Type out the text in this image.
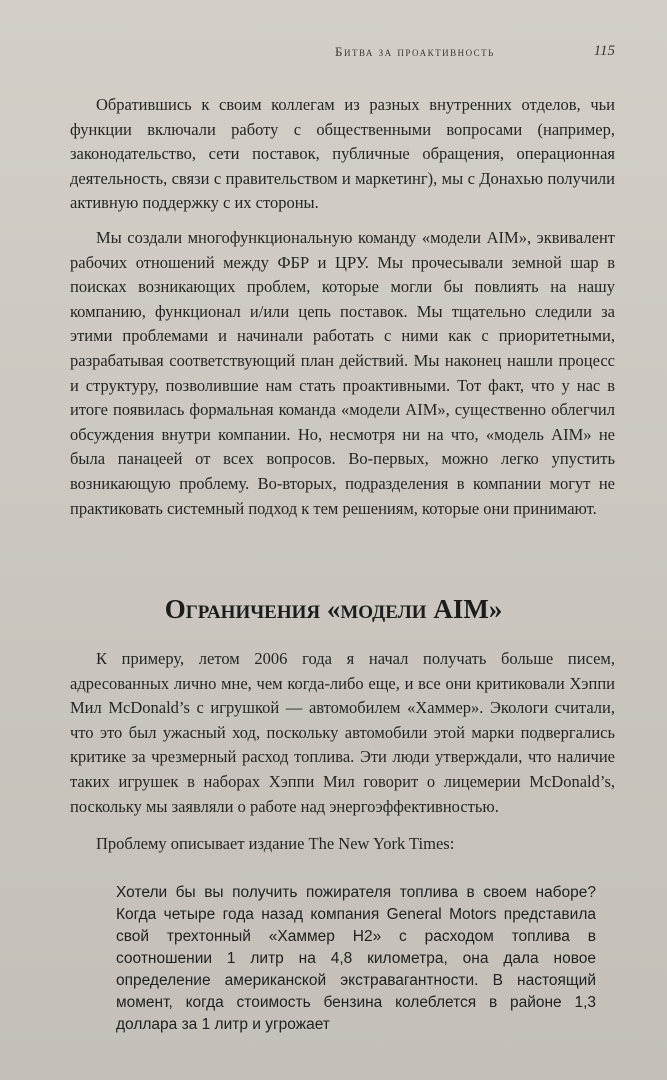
Битва за проактивность	115

Обратившись к своим коллегам из разных внутренних отделов, чьи функции включали работу с общественными вопросами (например, законодательство, сети поставок, публичные обращения, операционная деятельность, связи с правительством и маркетинг), мы с Донахью получили активную поддержку с их стороны.

Мы создали многофункциональную команду «модели AIM», эквивалент рабочих отношений между ФБР и ЦРУ. Мы прочесывали земной шар в поисках возникающих проблем, которые могли бы повлиять на нашу компанию, функционал и/или цепь поставок. Мы тщательно следили за этими проблемами и начинали работать с ними как с приоритетными, разрабатывая соответствующий план действий. Мы наконец нашли процесс и структуру, позволившие нам стать проактивными. Тот факт, что у нас в итоге появилась формальная команда «модели AIM», существенно облегчил обсуждения внутри компании. Но, несмотря ни на что, «модель AIM» не была панацеей от всех вопросов. Во-первых, можно легко упустить возникающую проблему. Во-вторых, подразделения в компании могут не практиковать системный подход к тем решениям, которые они принимают.

Ограничения «модели AIM»

К примеру, летом 2006 года я начал получать больше писем, адресованных лично мне, чем когда-либо еще, и все они критиковали Хэппи Мил McDonald’s с игрушкой — автомобилем «Хаммер». Экологи считали, что это был ужасный ход, поскольку автомобили этой марки подвергались критике за чрезмерный расход топлива. Эти люди утверждали, что наличие таких игрушек в наборах Хэппи Мил говорит о лицемерии McDonald’s, поскольку мы заявляли о работе над энергоэффективностью.

Проблему описывает издание The New York Times:

Хотели бы вы получить пожирателя топлива в своем наборе? Когда четыре года назад компания General Motors представила свой трехтонный «Хаммер H2» с расходом топлива в соотношении 1 литр на 4,8 километра, она дала новое определение американской экстравагантности. В настоящий момент, когда стоимость бензина колеблется в районе 1,3 доллара за 1 литр и угрожает
